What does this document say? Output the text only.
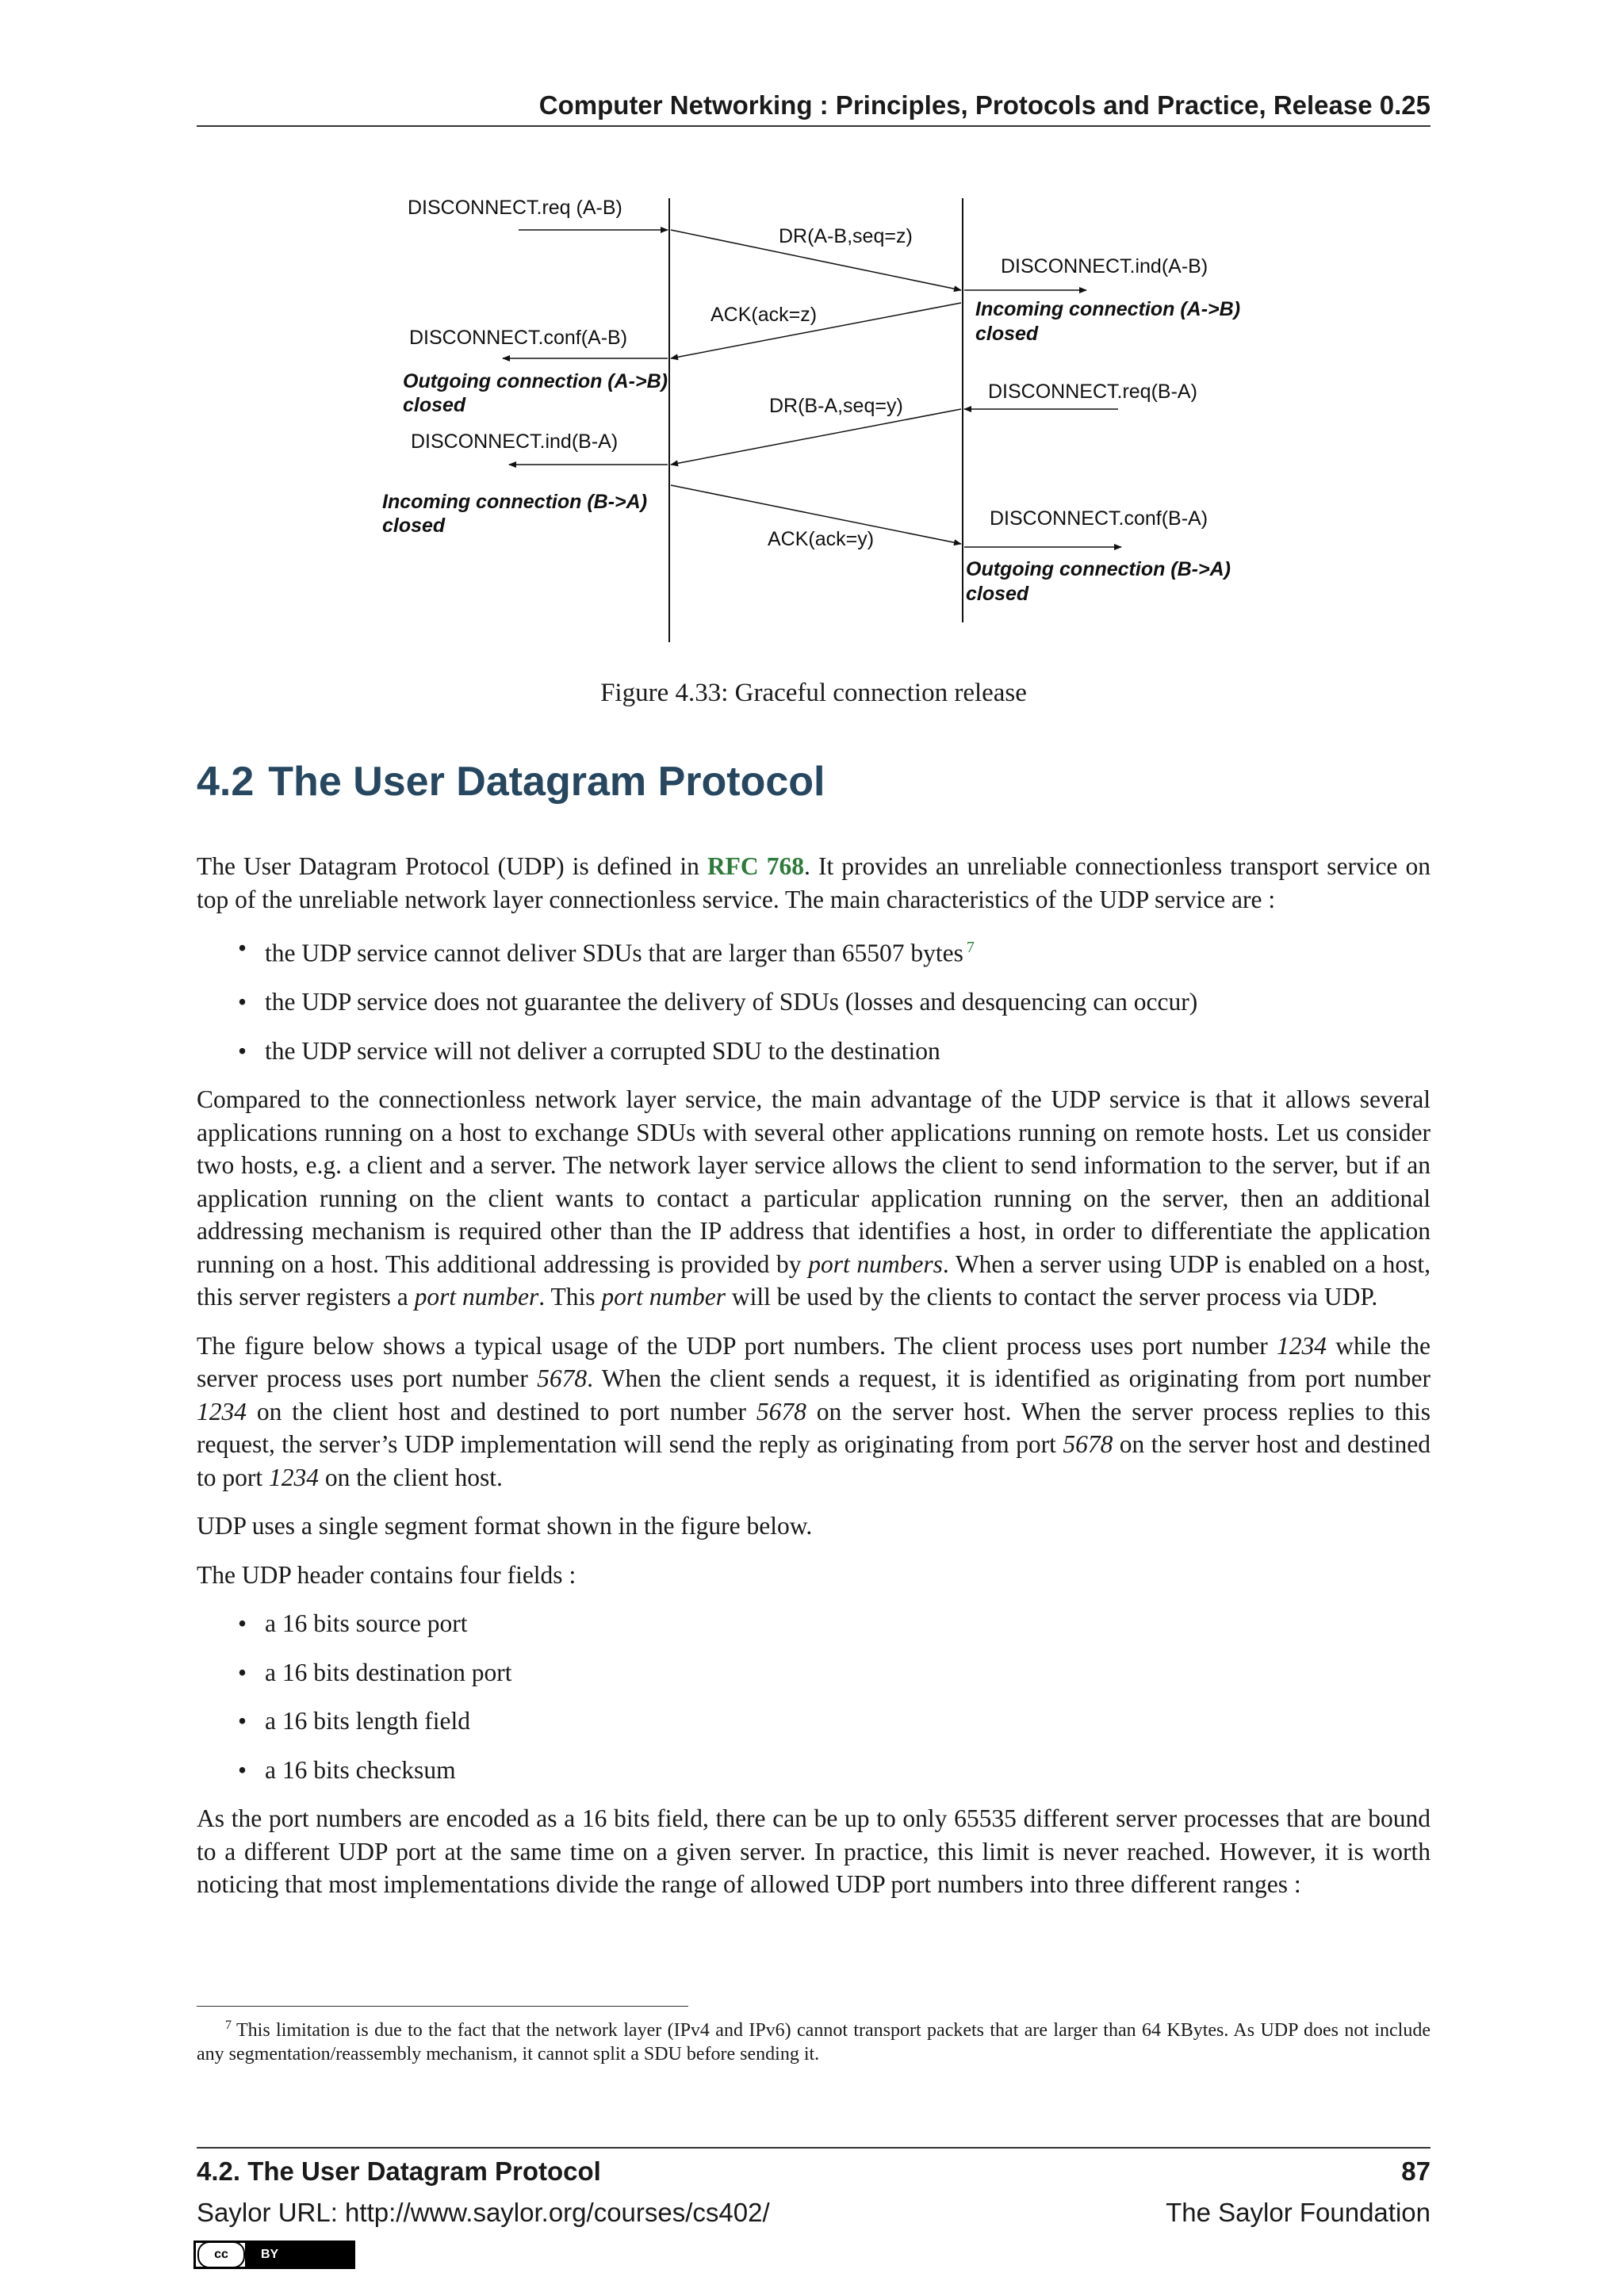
Computer Networking : Principles, Protocols and Practice, Release 0.25
DISCONNECT.req (A-B)
DR(A-B,seq=z)
DISCONNECT.ind(A-B)
ACK(ack=z)	Incoming connection (A->B)
closed
DISCONNECT.conf(A-B)
Outgoing connection (A->B)
closed	DR(B-A,seq=y)
DISCONNECT.req(B-A)
DISCONNECT.ind(B-A)
Incoming connection (B->A)
closed	DISCONNECT.conf(B-A)
ACK(ack=y)
Outgoing connection (B->A)
closed
Figure 4.33: Graceful connection release
4.2 The User Datagram Protocol

The User Datagram Protocol (UDP) is defined in RFC 768. It provides an unreliable connectionless transport service on top of the unreliable network layer connectionless service. The main characteristics of the UDP service are :

• the UDP service cannot deliver SDUs that are larger than 65507 bytes $^7$
• the UDP service does not guarantee the delivery of SDUs (losses and desquencing can occur)
• the UDP service will not deliver a corrupted SDU to the destination

Compared to the connectionless network layer service, the main advantage of the UDP service is that it allows several applications running on a host to exchange SDUs with several other applications running on remote hosts. Let us consider two hosts, e.g. a client and a server. The network layer service allows the client to send information to the server, but if an application running on the client wants to contact a particular application running on the server, then an additional addressing mechanism is required other than the IP address that identifies a host, in order to differentiate the application running on a host. This additional addressing is provided by port numbers. When a server using UDP is enabled on a host, this server registers a port number. This port number will be used by the clients to contact the server process via UDP.

The figure below shows a typical usage of the UDP port numbers. The client process uses port number 1234 while the server process uses port number 5678. When the client sends a request, it is identified as originating from port number 1234 on the client host and destined to port number 5678 on the server host. When the server process replies to this request, the server’s UDP implementation will send the reply as originating from port 5678 on the server host and destined to port 1234 on the client host.

UDP uses a single segment format shown in the figure below.

The UDP header contains four fields :

• a 16 bits source port
• a 16 bits destination port
• a 16 bits length field
• a 16 bits checksum

As the port numbers are encoded as a 16 bits field, there can be up to only 65535 different server processes that are bound to a different UDP port at the same time on a given server. In practice, this limit is never reached. However, it is worth noticing that most implementations divide the range of allowed UDP port numbers into three different ranges :

$^7$ This limitation is due to the fact that the network layer (IPv4 and IPv6) cannot transport packets that are larger than 64 KBytes. As UDP does not include any segmentation/reassembly mechanism, it cannot split a SDU before sending it.
4.2. The User Datagram Protocol	87
Saylor URL: http://www.saylor.org/courses/cs402/	The Saylor Foundation
cc	BY
